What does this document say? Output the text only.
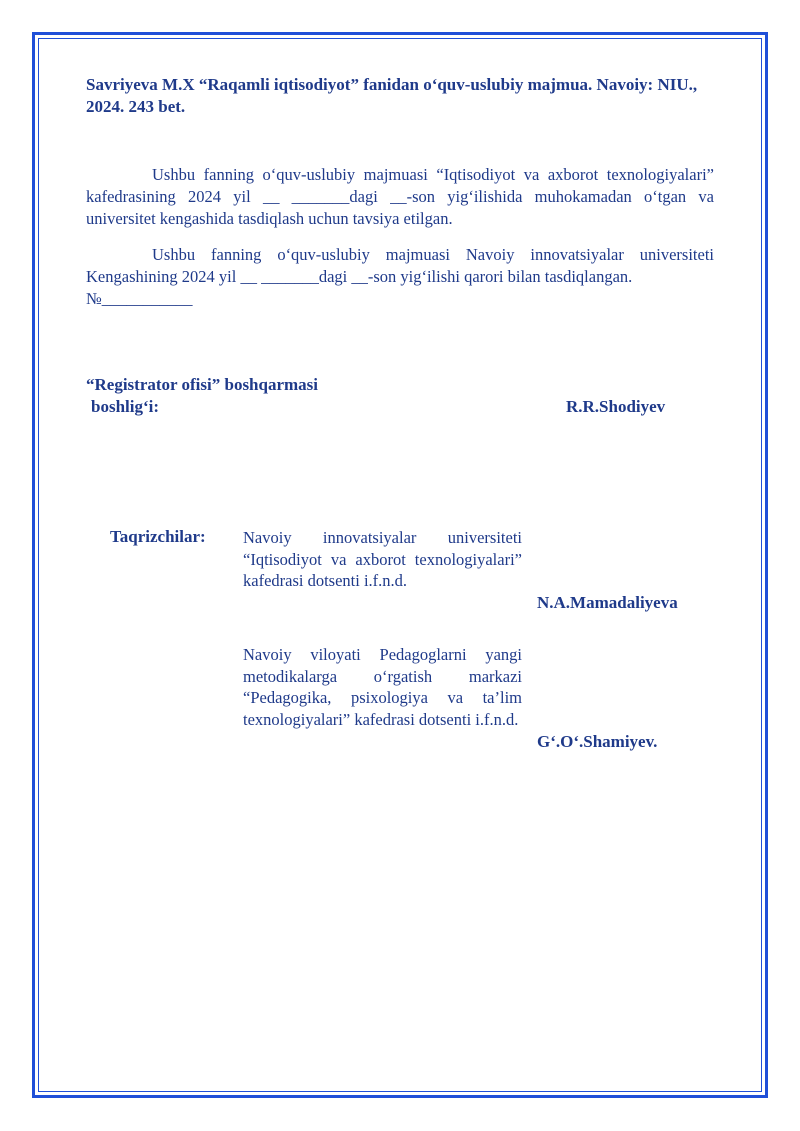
Savriyeva M.X “Raqamli iqtisodiyot” fanidan o‘quv-uslubiy majmua. Navoiy: NIU., 2024. 243 bet.

Ushbu fanning o‘quv-uslubiy majmuasi “Iqtisodiyot va axborot texnologiyalari” kafedrasining 2024 yil __ _______dagi __-son yig‘ilishida muhokamadan o‘tgan va universitet kengashida tasdiqlash uchun tavsiya etilgan.

Ushbu fanning o‘quv-uslubiy majmuasi Navoiy innovatsiyalar universiteti Kengashining 2024 yil __ _______dagi __-son yig‘ilishi qarori bilan tasdiqlangan.

№___________

“Registrator ofisi” boshqarmasi
boshlig‘i:	R.R.Shodiyev
Taqrizchilar: Navoiy innovatsiyalar universiteti “Iqtisodiyot va axborot texnologiyalari” kafedrasi dotsenti i.f.n.d.
N.A.Mamadaliyeva
Navoiy viloyati Pedagoglarni yangi metodikalarga o‘rgatish markazi “Pedagogika, psixologiya va ta’lim texnologiyalari” kafedrasi dotsenti i.f.n.d.
G‘.O‘.Shamiyev.
